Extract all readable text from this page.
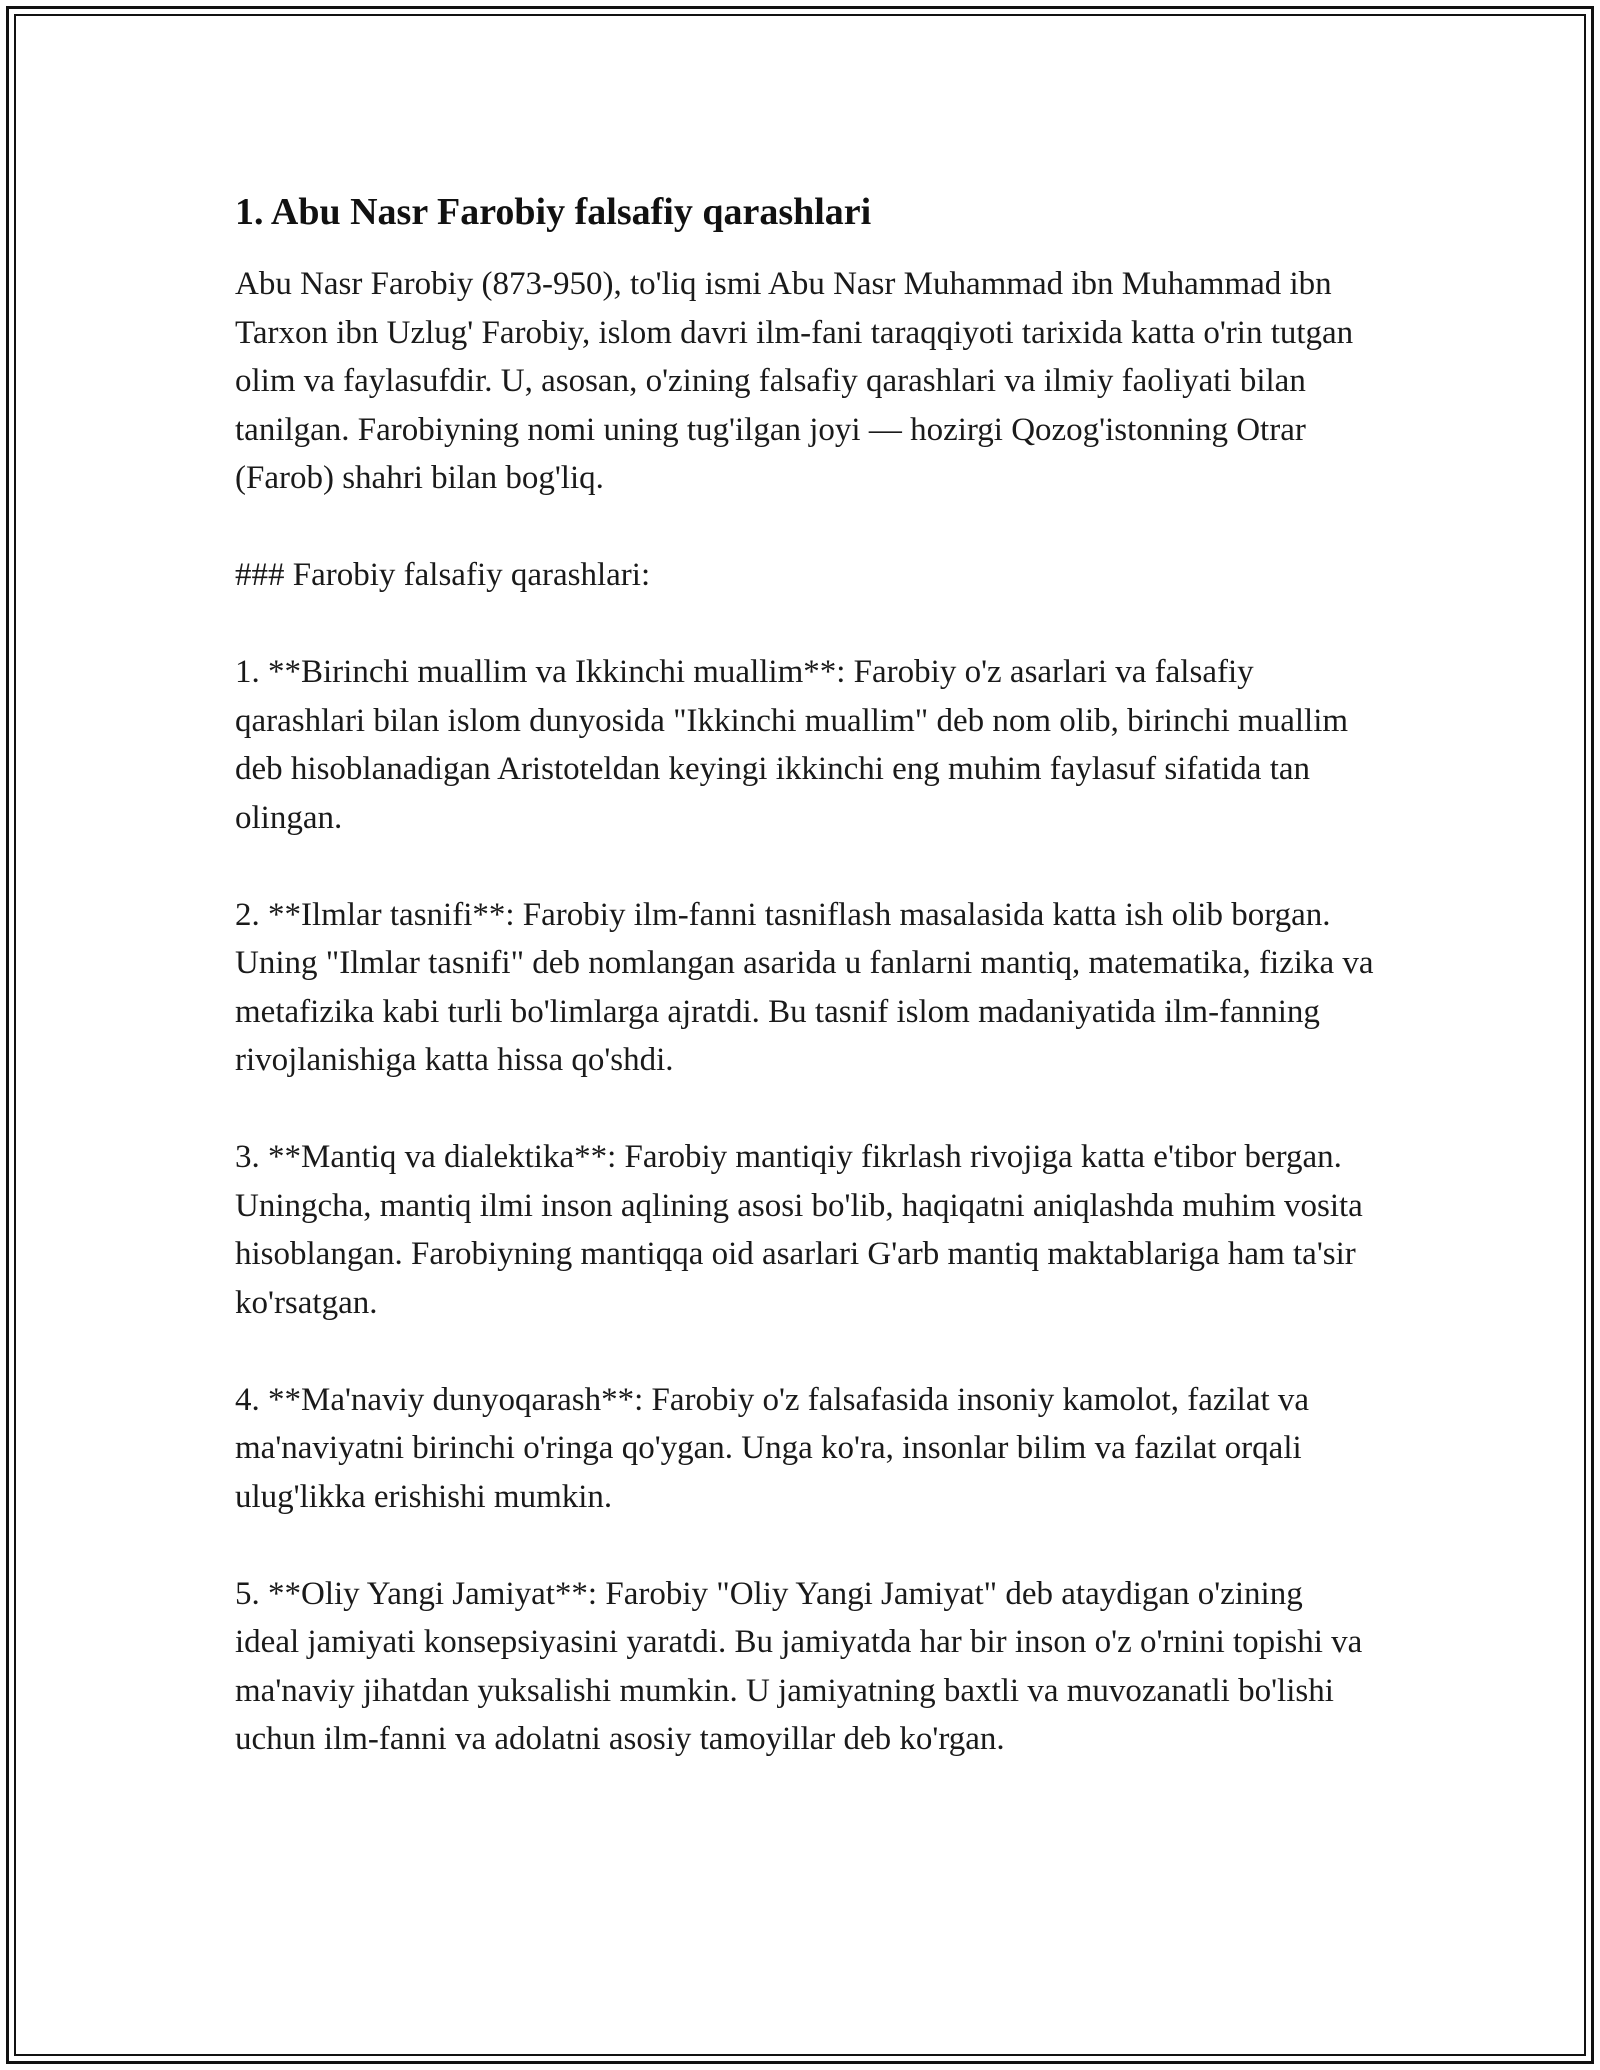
1. Abu Nasr Farobiy falsafiy qarashlari

Abu Nasr Farobiy (873-950), to'liq ismi Abu Nasr Muhammad ibn Muhammad ibn Tarxon ibn Uzlug' Farobiy, islom davri ilm-fani taraqqiyoti tarixida katta o'rin tutgan olim va faylasufdir. U, asosan, o'zining falsafiy qarashlari va ilmiy faoliyati bilan tanilgan. Farobiyning nomi uning tug'ilgan joyi — hozirgi Qozog'istonning Otrar (Farob) shahri bilan bog'liq.

### Farobiy falsafiy qarashlari:

1. **Birinchi muallim va Ikkinchi muallim**: Farobiy o'z asarlari va falsafiy qarashlari bilan islom dunyosida "Ikkinchi muallim" deb nom olib, birinchi muallim deb hisoblanadigan Aristoteldan keyingi ikkinchi eng muhim faylasuf sifatida tan olingan.

2. **Ilmlar tasnifi**: Farobiy ilm-fanni tasniflash masalasida katta ish olib borgan. Uning "Ilmlar tasnifi" deb nomlangan asarida u fanlarni mantiq, matematika, fizika va metafizika kabi turli bo'limlarga ajratdi. Bu tasnif islom madaniyatida ilm-fanning rivojlanishiga katta hissa qo'shdi.

3. **Mantiq va dialektika**: Farobiy mantiqiy fikrlash rivojiga katta e'tibor bergan. Uningcha, mantiq ilmi inson aqlining asosi bo'lib, haqiqatni aniqlashda muhim vosita hisoblangan. Farobiyning mantiqqa oid asarlari G'arb mantiq maktablariga ham ta'sir ko'rsatgan.

4. **Ma'naviy dunyoqarash**: Farobiy o'z falsafasida insoniy kamolot, fazilat va ma'naviyatni birinchi o'ringa qo'ygan. Unga ko'ra, insonlar bilim va fazilat orqali ulug'likka erishishi mumkin.

5. **Oliy Yangi Jamiyat**: Farobiy "Oliy Yangi Jamiyat" deb ataydigan o'zining ideal jamiyati konsepsiyasini yaratdi. Bu jamiyatda har bir inson o'z o'rnini topishi va ma'naviy jihatdan yuksalishi mumkin. U jamiyatning baxtli va muvozanatli bo'lishi uchun ilm-fanni va adolatni asosiy tamoyillar deb ko'rgan.
